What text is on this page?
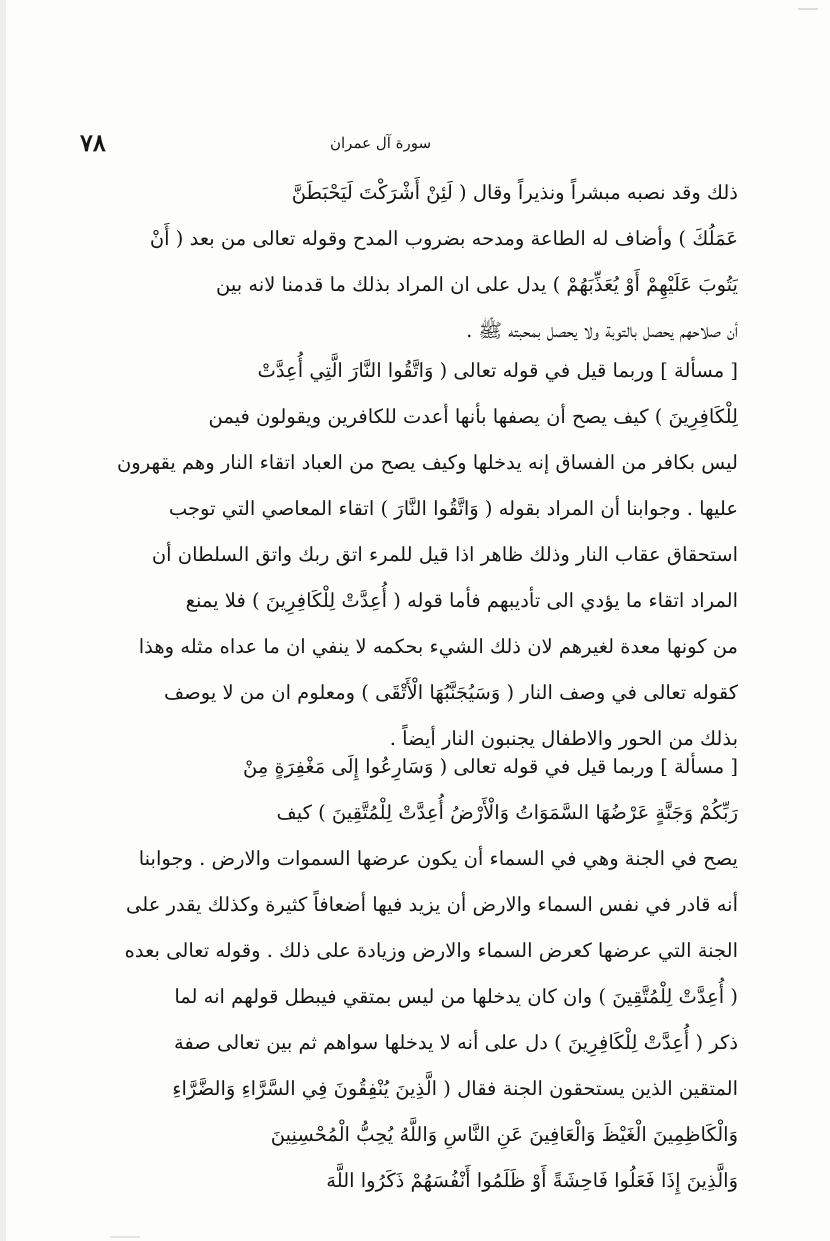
٧٨	سورة آل عمران
ذلك وقد نصبه مبشراً ونذيراً وقال ( لَئِنْ أَشْرَكْتَ لَيَحْبَطَنَّ
عَمَلُكَ ) وأضاف له الطاعة ومدحه بضروب المدح وقوله تعالى من بعد ( أَنْ
يَتُوبَ عَلَيْهِمْ أَوْ يُعَذِّبَهُمْ ) يدل على ان المراد بذلك ما قدمنا لانه بين
أن صلاحهم يحصل بالتوبة ولا يحصل بمحبته ﷺ .
[ مسألة ] وربما قيل في قوله تعالى ( وَاتَّقُوا النَّارَ الَّتِي أُعِدَّتْ
لِلْكَافِرِينَ ) كيف يصح أن يصفها بأنها أعدت للكافرين ويقولون فيمن
ليس بكافر من الفساق إنه يدخلها وكيف يصح من العباد اتقاء النار وهم يقهرون
عليها . وجوابنا أن المراد بقوله ( وَاتَّقُوا النَّارَ ) اتقاء المعاصي التي توجب
استحقاق عقاب النار وذلك ظاهر اذا قيل للمرء اتق ربك واتق السلطان أن
المراد اتقاء ما يؤدي الى تأديبهم فأما قوله ( أُعِدَّتْ لِلْكَافِرِينَ ) فلا يمنع
من كونها معدة لغيرهم لان ذلك الشيء بحكمه لا ينفي ان ما عداه مثله وهذا
كقوله تعالى في وصف النار ( وَسَيُجَنَّبُهَا الْأَتْقَى ) ومعلوم ان من لا يوصف
بذلك من الحور والاطفال يجنبون النار أيضاً .
[ مسألة ] وربما قيل في قوله تعالى ( وَسَارِعُوا إِلَى مَغْفِرَةٍ مِنْ
رَبِّكُمْ وَجَنَّةٍ عَرْضُهَا السَّمَوَاتُ وَالْأَرْضُ أُعِدَّتْ لِلْمُتَّقِينَ ) كيف
يصح في الجنة وهي في السماء أن يكون عرضها السموات والارض . وجوابنا
أنه قادر في نفس السماء والارض أن يزيد فيها أضعافاً كثيرة وكذلك يقدر على
الجنة التي عرضها كعرض السماء والارض وزيادة على ذلك . وقوله تعالى بعده
( أُعِدَّتْ لِلْمُتَّقِينَ ) وان كان يدخلها من ليس بمتقي فيبطل قولهم انه لما
ذكر ( أُعِدَّتْ لِلْكَافِرِينَ ) دل على أنه لا يدخلها سواهم ثم بين تعالى صفة
المتقين الذين يستحقون الجنة فقال ( الَّذِينَ يُنْفِقُونَ فِي السَّرَّاءِ وَالضَّرَّاءِ
وَالْكَاظِمِينَ الْغَيْظَ وَالْعَافِينَ عَنِ النَّاسِ وَاللَّهُ يُحِبُّ الْمُحْسِنِينَ
وَالَّذِينَ إِذَا فَعَلُوا فَاحِشَةً أَوْ ظَلَمُوا أَنْفُسَهُمْ ذَكَرُوا اللَّهَ
